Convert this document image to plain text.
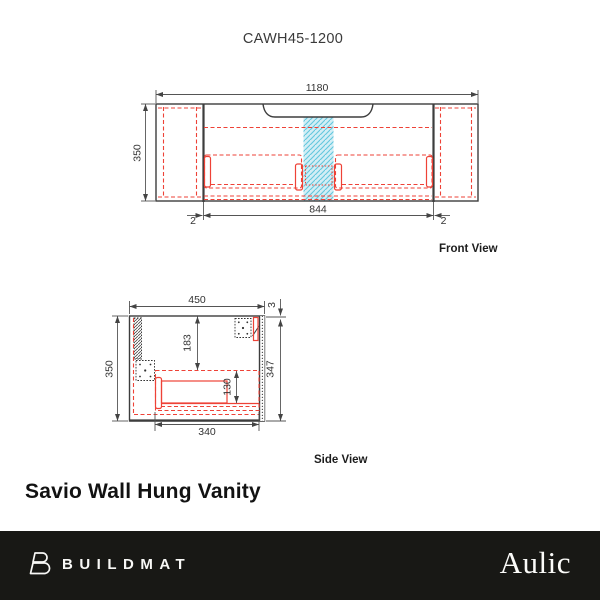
CAWH45-1200
1180
350
844
2	2
450
350
183
130
347
3
340
Front View
Side View
Savio Wall Hung Vanity
BUILDMAT	Aulic
